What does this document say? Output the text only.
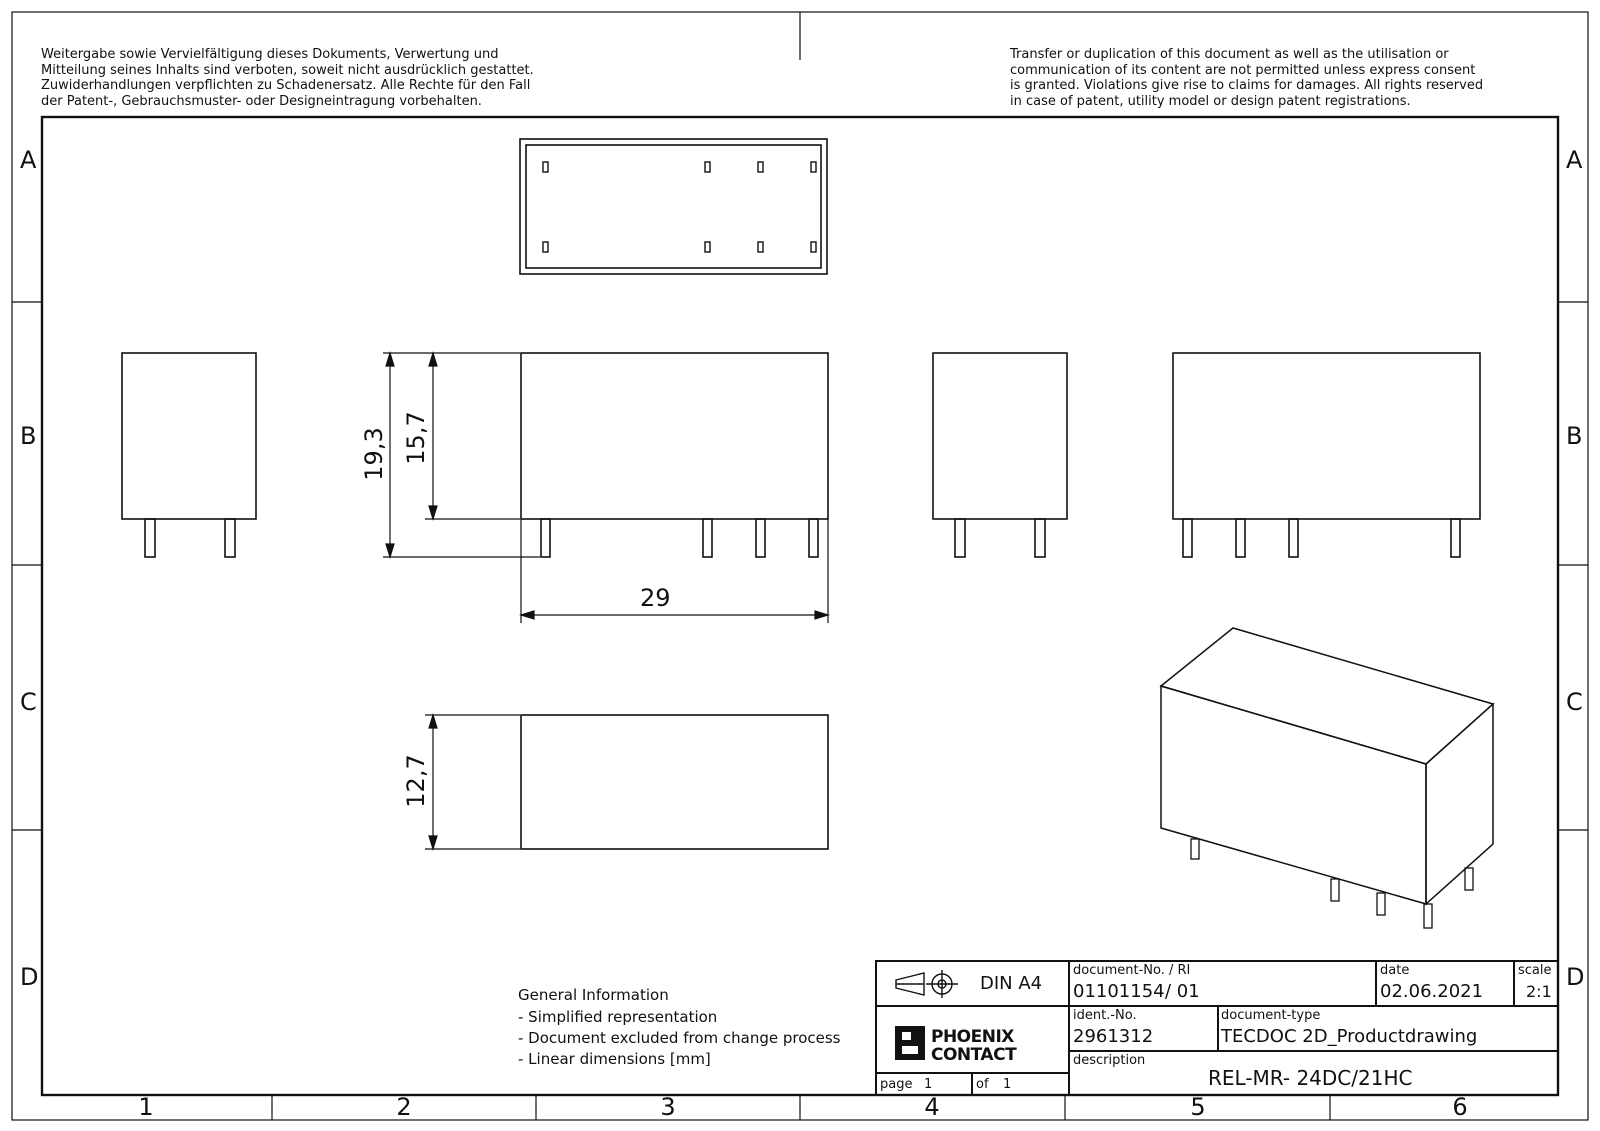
Weitergabe sowie Vervielfältigung dieses Dokuments, Verwertung und
Mitteilung seines Inhalts sind verboten, soweit nicht ausdrücklich gestattet.
Zuwiderhandlungen verpflichten zu Schadenersatz. Alle Rechte für den Fall
der Patent-, Gebrauchsmuster- oder Designeintragung vorbehalten.
Transfer or duplication of this document as well as the utilisation or
communication of its content are not permitted unless express consent
is granted. Violations give rise to claims for damages. All rights reserved
in case of patent, utility model or design patent registrations.
A
B
C
D
A
B
C
D
1	2	3	4	5	6
19,3 15,7
29
12,7
General Information
- Simplified representation
- Document excluded from change process
- Linear dimensions [mm]
DIN A4
document-No. / RI
01101154 / 01
date
02.06.2021
scale
2:1
ident.-No.
2961312
document-type
TECDOC 2D_Productdrawing
description
REL-MR- 24DC/21HC
page 1	of 1
PHOENIX
CONTACT
